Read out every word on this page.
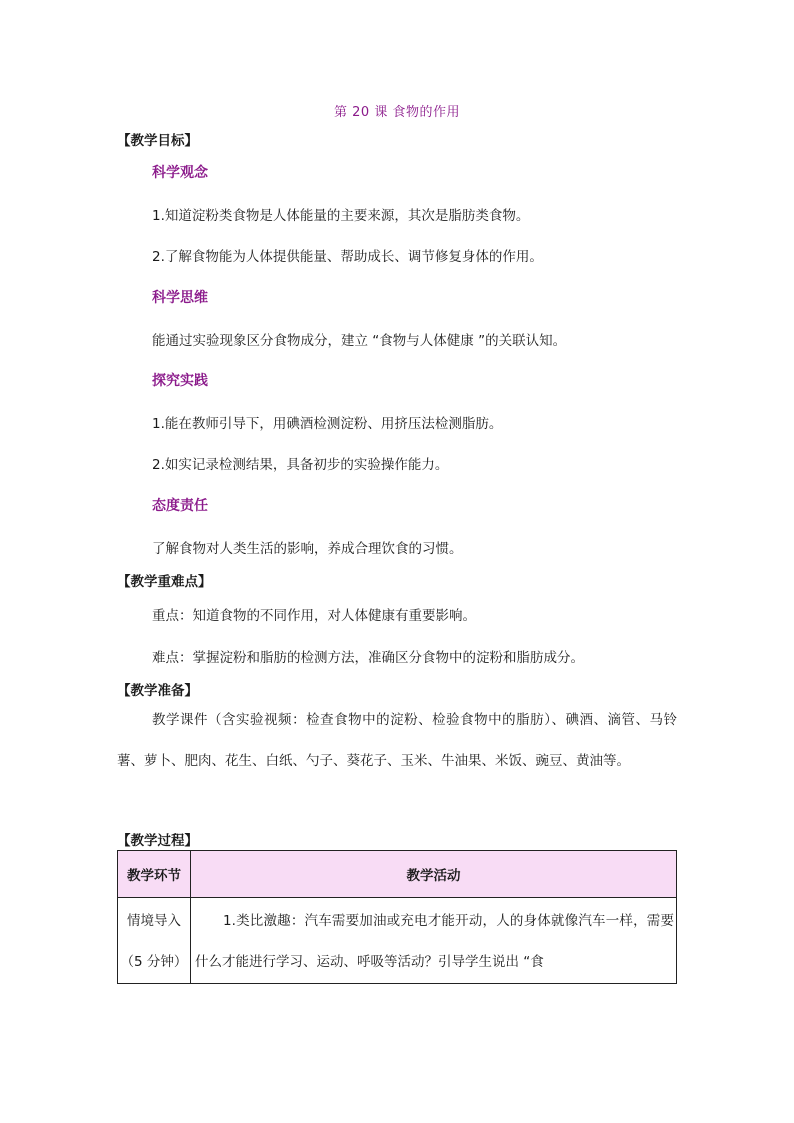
第 20 课 食物的作用
【教学目标】
科学观念
1.知道淀粉类食物是人体能量的主要来源，其次是脂肪类食物。
2.了解食物能为人体提供能量、帮助成长、调节修复身体的作用。
科学思维
能通过实验现象区分食物成分，建立 “食物与人体健康 ”的关联认知。
探究实践
1.能在教师引导下，用碘酒检测淀粉、用挤压法检测脂肪。
2.如实记录检测结果，具备初步的实验操作能力。
态度责任
了解食物对人类生活的影响，养成合理饮食的习惯。
【教学重难点】
重点：知道食物的不同作用，对人体健康有重要影响。
难点：掌握淀粉和脂肪的检测方法，准确区分食物中的淀粉和脂肪成分。
【教学准备】

教学课件（含实验视频：检查食物中的淀粉、检验食物中的脂肪）、碘酒、滴管、马铃薯、萝卜、肥肉、花生、白纸、勺子、葵花子、玉米、牛油果、米饭、豌豆、黄油等。

【教学过程】
教学环节	教学活动

情境导入
（5 分钟）	1.类比激趣：汽车需要加油或充电才能开动，人的身体就像汽车一样，需要什么才能进行学习、运动、呼吸等活动？引导学生说出 “食
